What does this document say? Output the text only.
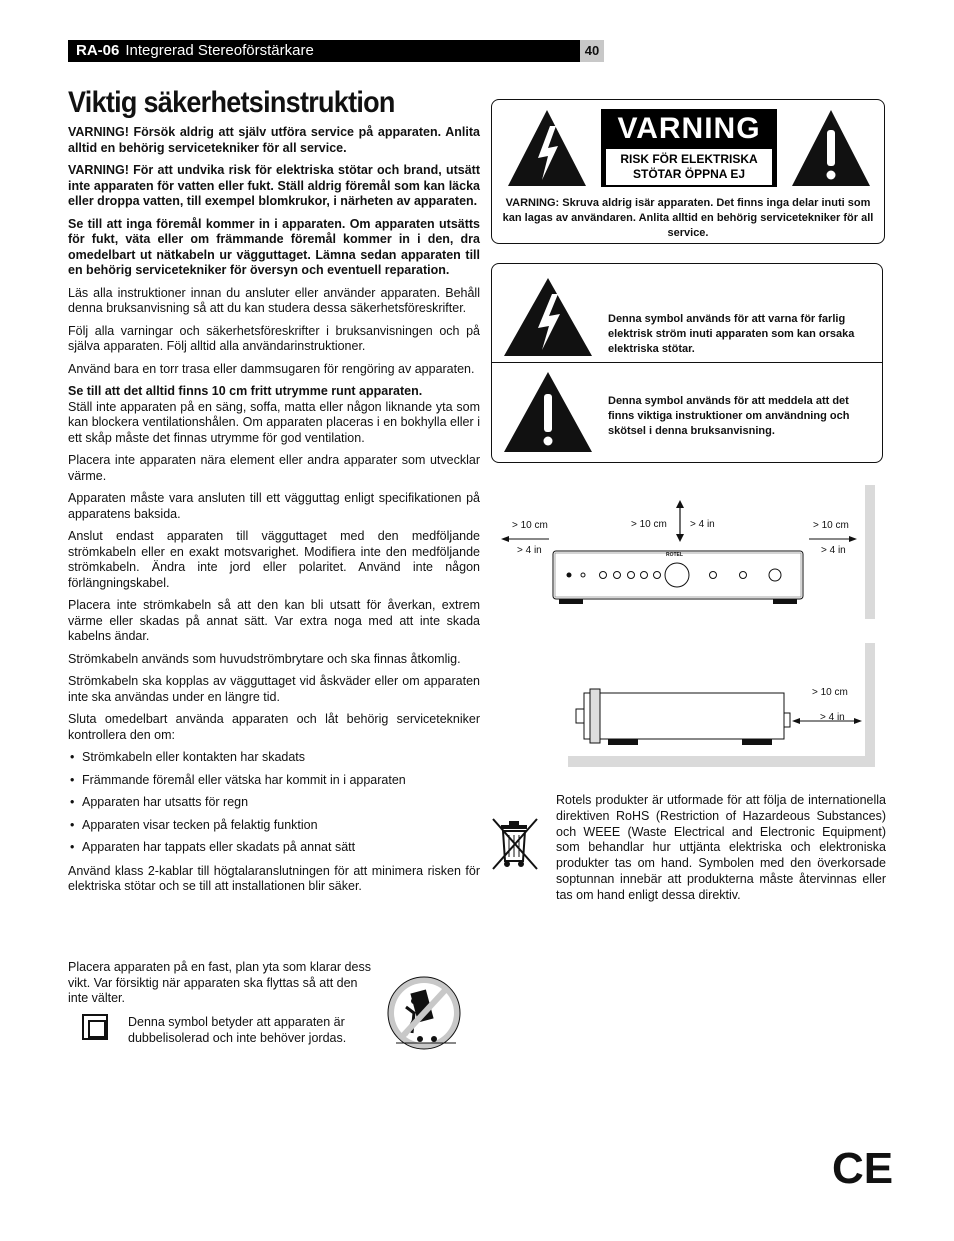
RA-06 Integrerad Stereoförstärkare	40
Viktig säkerhetsinstruktion

VARNING! Försök aldrig att själv utföra service på apparaten. Anlita alltid en behörig servicetekniker för all service.

VARNING! För att undvika risk för elektriska stötar och brand, utsätt inte apparaten för vatten eller fukt. Ställ aldrig föremål som kan läcka eller droppa vatten, till exempel blomkrukor, i närheten av apparaten.

Se till att inga föremål kommer in i apparaten. Om apparaten utsätts för fukt, väta eller om främmande föremål kommer in i den, dra omedelbart ut nätkabeln ur vägguttaget. Lämna sedan apparaten till en behörig servicetekniker för översyn och eventuell reparation.

Läs alla instruktioner innan du ansluter eller använder apparaten. Behåll denna bruksanvisning så att du kan studera dessa säkerhetsföreskrifter.

Följ alla varningar och säkerhetsföreskrifter i bruksanvisningen och på själva apparaten. Följ alltid alla användarinstruktioner.

Använd bara en torr trasa eller dammsugaren för rengöring av apparaten.

Se till att det alltid finns 10 cm fritt utrymme runt apparaten.

Ställ inte apparaten på en säng, soffa, matta eller någon liknande yta som kan blockera ventilationshålen. Om apparaten placeras i en bokhylla eller i ett skåp måste det finnas utrymme för god ventilation.

Placera inte apparaten nära element eller andra apparater som utvecklar värme.

Apparaten måste vara ansluten till ett vägguttag enligt specifikationen på apparatens baksida.

Anslut endast apparaten till vägguttaget med den medföljande strömkabeln eller en exakt motsvarighet. Modifiera inte den medföljande strömkabeln. Ändra inte jord eller polaritet. Använd inte någon förlängningskabel.

Placera inte strömkabeln så att den kan bli utsatt för åverkan, extrem värme eller skadas på annat sätt. Var extra noga med att inte skada kabelns ändar.

Strömkabeln används som huvudströmbrytare och ska finnas åtkomlig.

Strömkabeln ska kopplas av vägguttaget vid åskväder eller om apparaten inte ska användas under en längre tid.

Sluta omedelbart använda apparaten och låt behörig servicetekniker kontrollera den om:

• Strömkabeln eller kontakten har skadats
• Främmande föremål eller vätska har kommit in i apparaten
• Apparaten har utsatts för regn
• Apparaten visar tecken på felaktig funktion
• Apparaten har tappats eller skadats på annat sätt

Använd klass 2-kablar till högtalaranslutningen för att minimera risken för elektriska stötar och se till att installationen blir säker.

Placera apparaten på en fast, plan yta som klarar dess vikt. Var försiktig när apparaten ska flyttas så att den inte välter.
Denna symbol betyder att apparaten är dubbelisolerad och inte behöver jordas.
VARNING
RISK FÖR ELEKTRISKA
STÖTAR ÖPPNA EJ
VARNING: Skruva aldrig isär apparaten. Det finns inga delar inuti som kan lagas av användaren. Anlita alltid en behörig servicetekniker för all service.
Denna symbol används för att varna för farlig elektrisk ström inuti apparaten som kan orsaka elektriska stötar.
Denna symbol används för att meddela att det finns viktiga instruktioner om användning och skötsel i denna bruksanvisning.
> 10 cm
> 4 in
> 10 cm > 4 in	> 10 cm
> 4 in
ROTEL
> 10 cm
> 4 in
Rotels produkter är utformade för att följa de internationella direktiven RoHS (Restriction of Hazardeous Substances) och WEEE (Waste Electrical and Electronic Equipment) som behandlar hur uttjänta elektriska och elektroniska produkter tas om hand. Symbolen med den överkorsade soptunnan innebär att produkterna måste återvinnas eller tas om hand enligt dessa direktiv.
CE
